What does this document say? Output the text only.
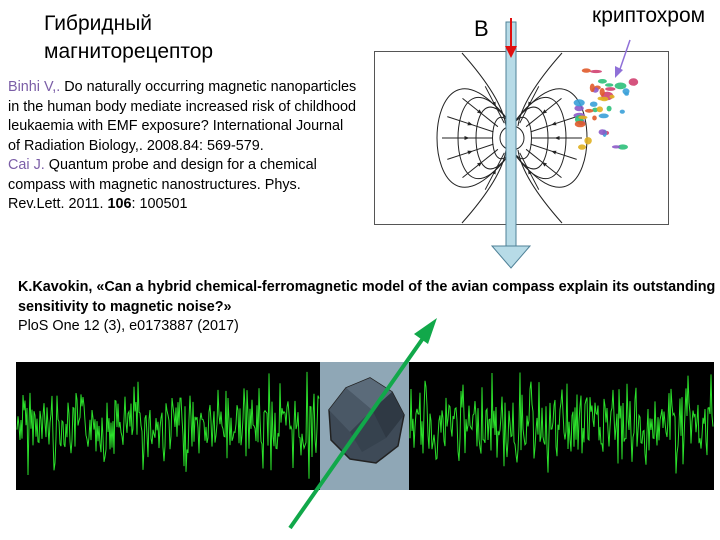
Гибридный
магниторецептор
криптохром
Binhi V,. Do naturally occurring magnetic nanoparticles in the human body mediate increased risk of childhood leukaemia with EMF exposure? International Journal of Radiation Biology,. 2008.84: 569-579.
Cai J. Quantum probe and design for a chemical compass with magnetic nanostructures. Phys. Rev.Lett. 2011. 106: 100501
K.Kavokin, «Can a hybrid chemical-ferromagnetic model of the avian compass explain its outstanding sensitivity to magnetic noise?»
PloS One 12 (3), e0173887 (2017)
B
